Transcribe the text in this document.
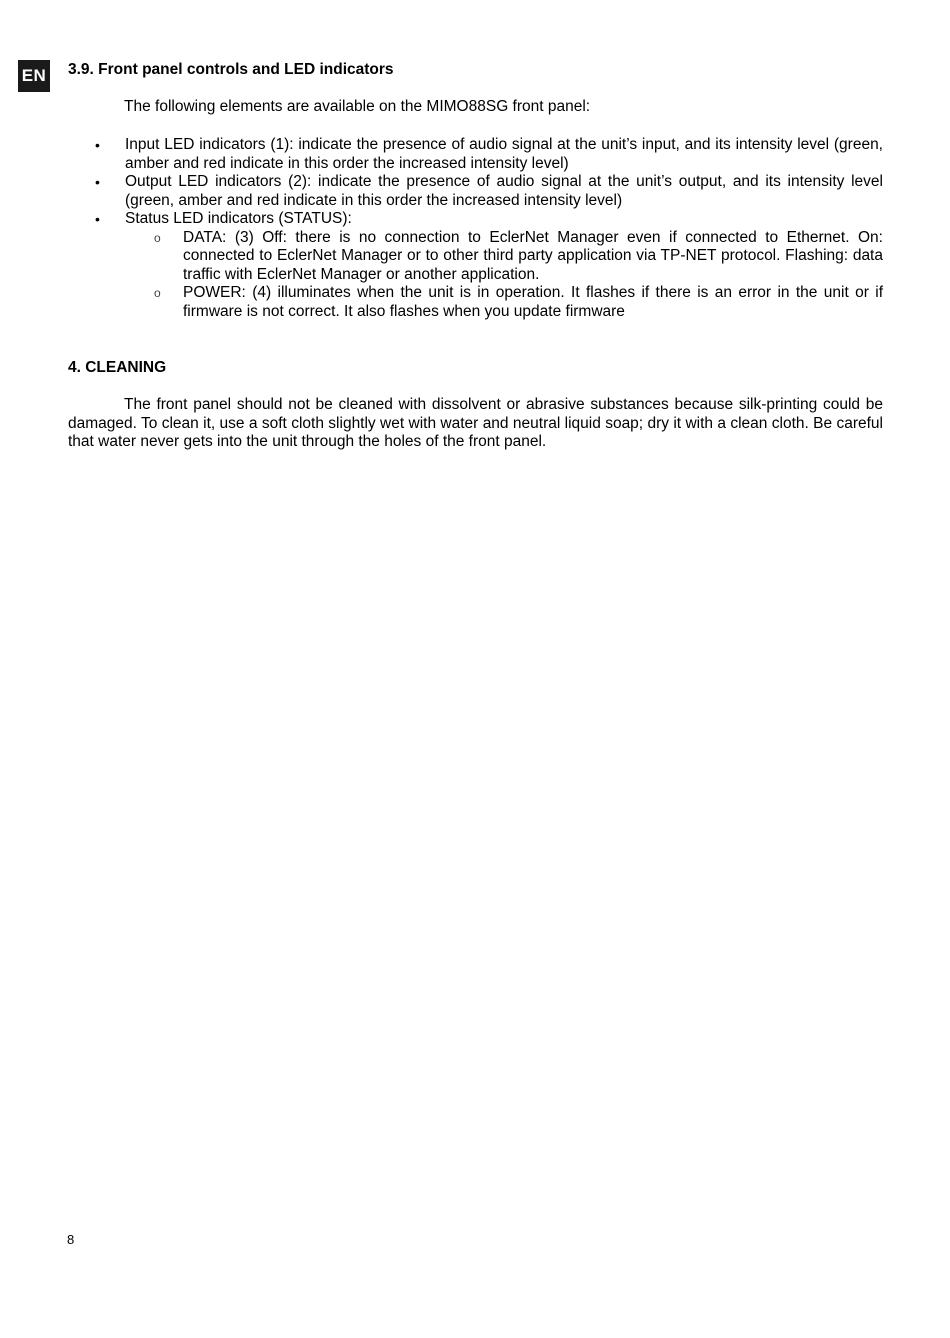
EN 3.9. Front panel controls and LED indicators
The following elements are available on the MIMO88SG front panel:
• Input LED indicators (1): indicate the presence of audio signal at the unit’s input, and its intensity level (green, amber and red indicate in this order the increased intensity level)
• Output LED indicators (2): indicate the presence of audio signal at the unit’s output, and its intensity level (green, amber and red indicate in this order the increased intensity level)
• Status LED indicators (STATUS):
o DATA: (3) Off: there is no connection to EclerNet Manager even if connected to Ethernet. On: connected to EclerNet Manager or to other third party application via TP-NET protocol. Flashing: data traffic with EclerNet Manager or another application.
o POWER: (4) illuminates when the unit is in operation. It flashes if there is an error in the unit or if firmware is not correct. It also flashes when you update firmware
4. CLEANING

The front panel should not be cleaned with dissolvent or abrasive substances because silk-printing could be damaged. To clean it, use a soft cloth slightly wet with water and neutral liquid soap; dry it with a clean cloth. Be careful that water never gets into the unit through the holes of the front panel.

8
